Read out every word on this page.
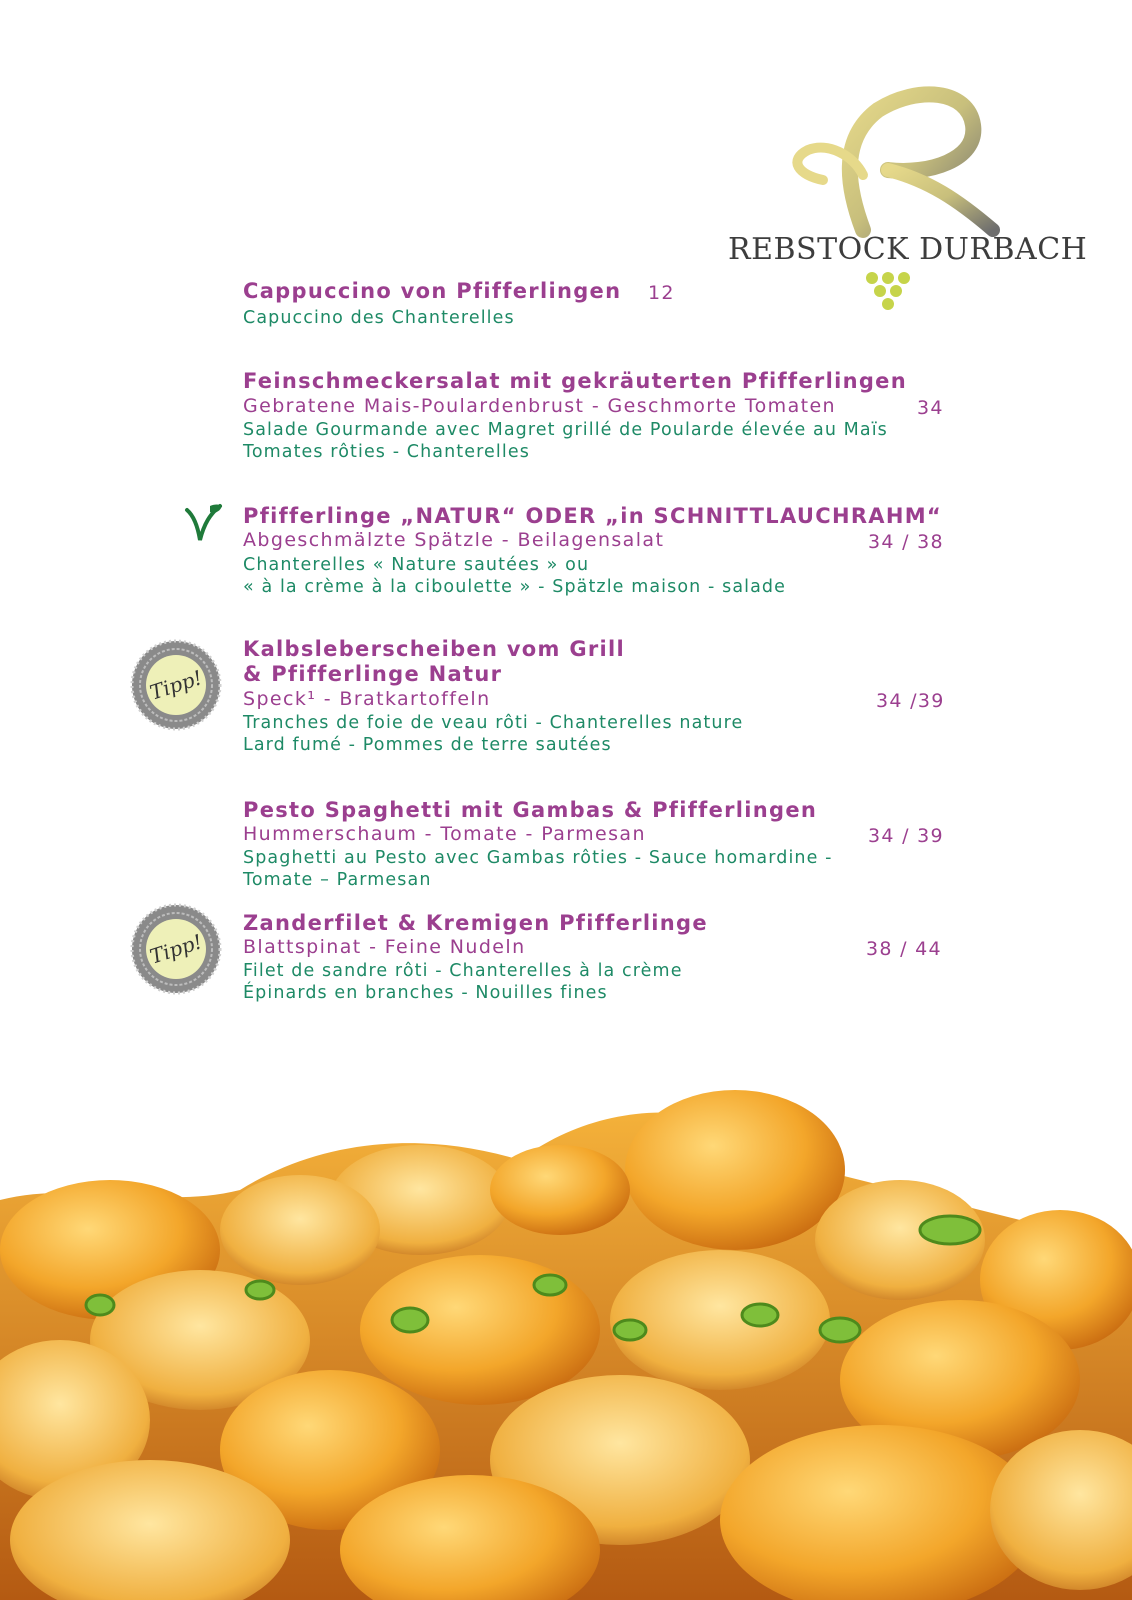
REBSTOCK DURBACH
Cappuccino von Pfifferlingen 12
Capuccino des Chanterelles
Feinschmeckersalat mit gekräuterten Pfifferlingen
Gebratene Mais-Poulardenbrust - Geschmorte Tomaten	34
Salade Gourmande avec Magret grillé de Poularde élevée au Maïs
Tomates rôties - Chanterelles
Pfifferlinge „NATUR“ ODER „in SCHNITTLAUCHRAHM“
Abgeschmälzte Spätzle - Beilagensalat	34 / 38
Chanterelles « Nature sautées » ou
« à la crème à la ciboulette » - Spätzle maison - salade
Tipp!
Kalbsleberscheiben vom Grill
& Pfifferlinge Natur
Speck¹ - Bratkartoffeln	34 /39
Tranches de foie de veau rôti - Chanterelles nature
Lard fumé - Pommes de terre sautées
Pesto Spaghetti mit Gambas & Pfifferlingen
Hummerschaum - Tomate - Parmesan	34 / 39
Spaghetti au Pesto avec Gambas rôties - Sauce homardine -
Tomate – Parmesan
Tipp!
Zanderfilet & Kremigen Pfifferlinge
Blattspinat - Feine Nudeln	38 / 44
Filet de sandre rôti - Chanterelles à la crème
Épinards en branches - Nouilles fines
